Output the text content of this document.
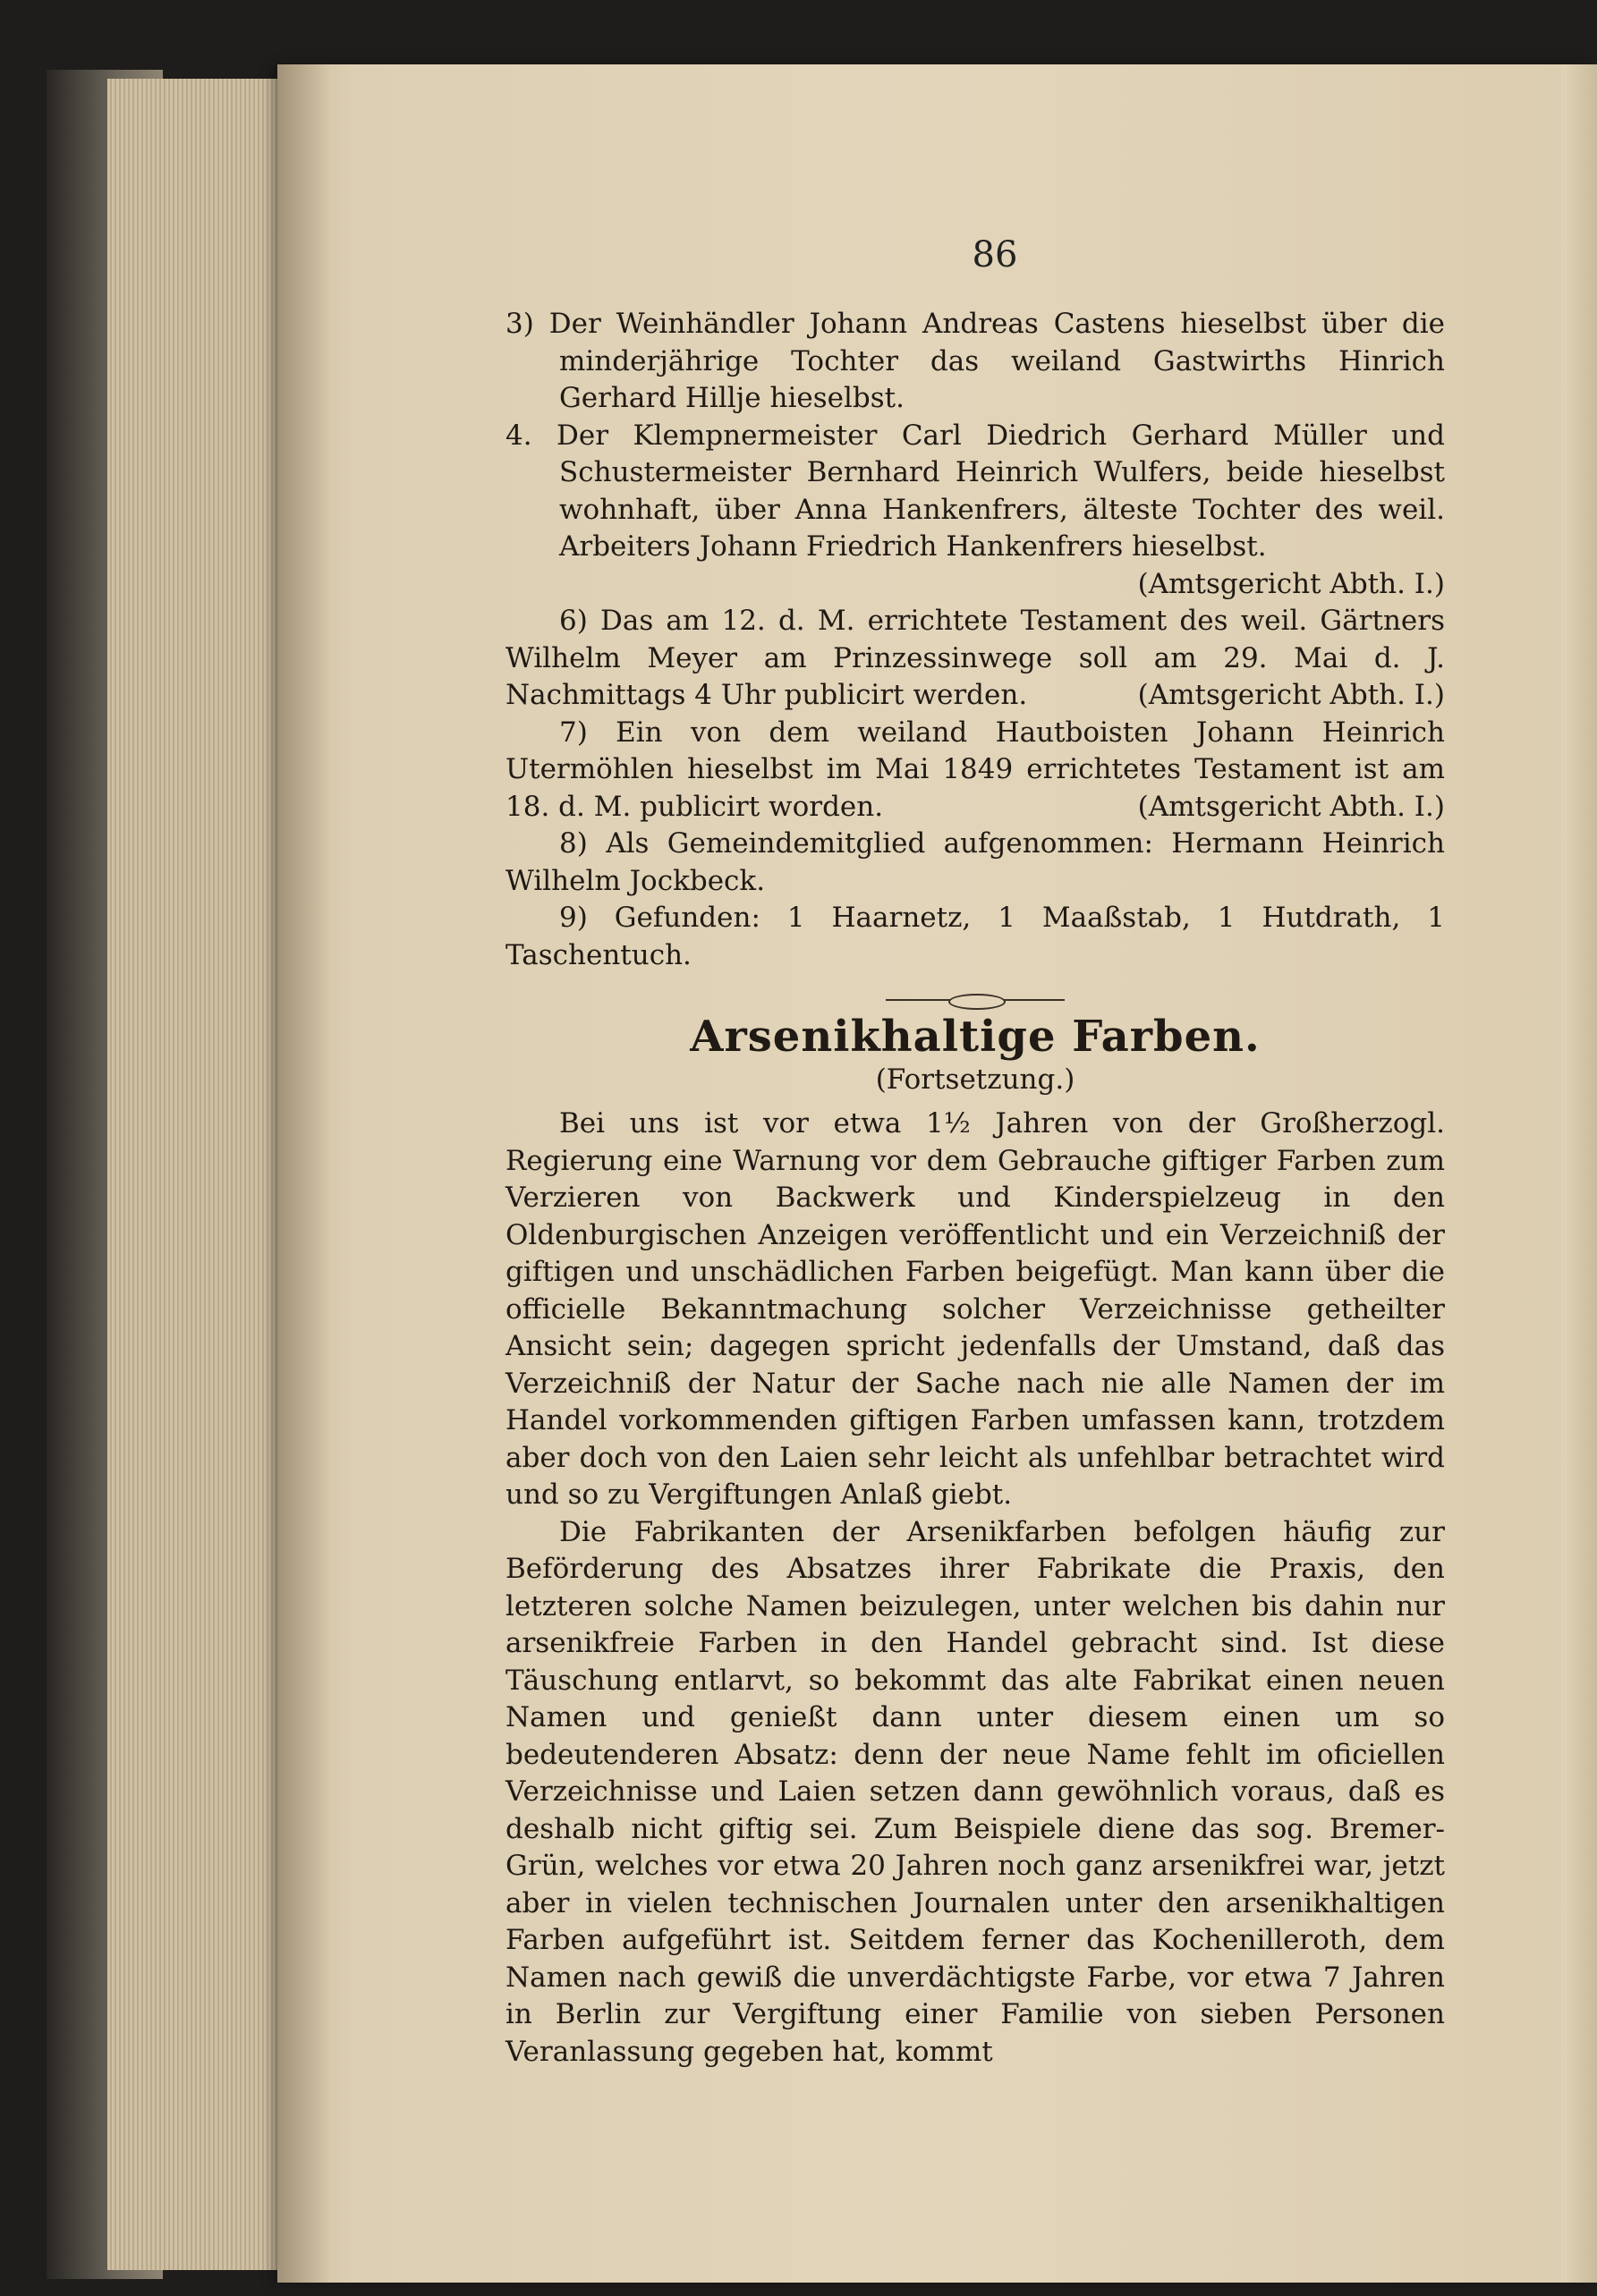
86

3) Der Weinhändler Johann Andreas Castens hieselbst über die minderjährige Tochter das weiland Gastwirths Hinrich Gerhard Hillje hieselbst.

4. Der Klempnermeister Carl Diedrich Gerhard Müller und Schustermeister Bernhard Heinrich Wulfers, beide hieselbst wohnhaft, über Anna Hankenfrers, älteste Tochter des weil. Arbeiters Johann Friedrich Hankenfrers hieselbst.

(Amtsgericht Abth. I.)

6) Das am 12. d. M. errichtete Testament des weil. Gärtners Wilhelm Meyer am Prinzessinwege soll am 29. Mai d. J. Nachmittags 4 Uhr publicirt werden.	(Amtsgericht Abth. I.)

7) Ein von dem weiland Hautboisten Johann Heinrich Utermöhlen hieselbst im Mai 1849 errichtetes Testament ist am 18. d. M. publicirt worden.	(Amtsgericht Abth. I.)

8) Als Gemeindemitglied aufgenommen: Hermann Heinrich Wilhelm Jockbeck.

9) Gefunden: 1 Haarnetz, 1 Maaßstab, 1 Hutdrath, 1 Taschentuch.

Arsenikhaltige Farben.
(Fortsetzung.)

Bei uns ist vor etwa 1½ Jahren von der Großherzogl. Regierung eine Warnung vor dem Gebrauche giftiger Farben zum Verzieren von Backwerk und Kinderspielzeug in den Oldenburgischen Anzeigen veröffentlicht und ein Verzeichniß der giftigen und unschädlichen Farben beigefügt. Man kann über die officielle Bekanntmachung solcher Verzeichnisse getheilter Ansicht sein; dagegen spricht jedenfalls der Umstand, daß das Verzeichniß der Natur der Sache nach nie alle Namen der im Handel vorkommenden giftigen Farben umfassen kann, trotzdem aber doch von den Laien sehr leicht als unfehlbar betrachtet wird und so zu Vergiftungen Anlaß giebt.

Die Fabrikanten der Arsenikfarben befolgen häufig zur Beförderung des Absatzes ihrer Fabrikate die Praxis, den letzteren solche Namen beizulegen, unter welchen bis dahin nur arsenikfreie Farben in den Handel gebracht sind. Ist diese Täuschung entlarvt, so bekommt das alte Fabrikat einen neuen Namen und genießt dann unter diesem einen um so bedeutenderen Absatz: denn der neue Name fehlt im oficiellen Verzeichnisse und Laien setzen dann gewöhnlich voraus, daß es deshalb nicht giftig sei. Zum Beispiele diene das sog. Bremer-Grün, welches vor etwa 20 Jahren noch ganz arsenikfrei war, jetzt aber in vielen technischen Journalen unter den arsenikhaltigen Farben aufgeführt ist. Seitdem ferner das Kochenilleroth, dem Namen nach gewiß die unverdächtigste Farbe, vor etwa 7 Jahren in Berlin zur Vergiftung einer Familie von sieben Personen Veranlassung gegeben hat, kommt
